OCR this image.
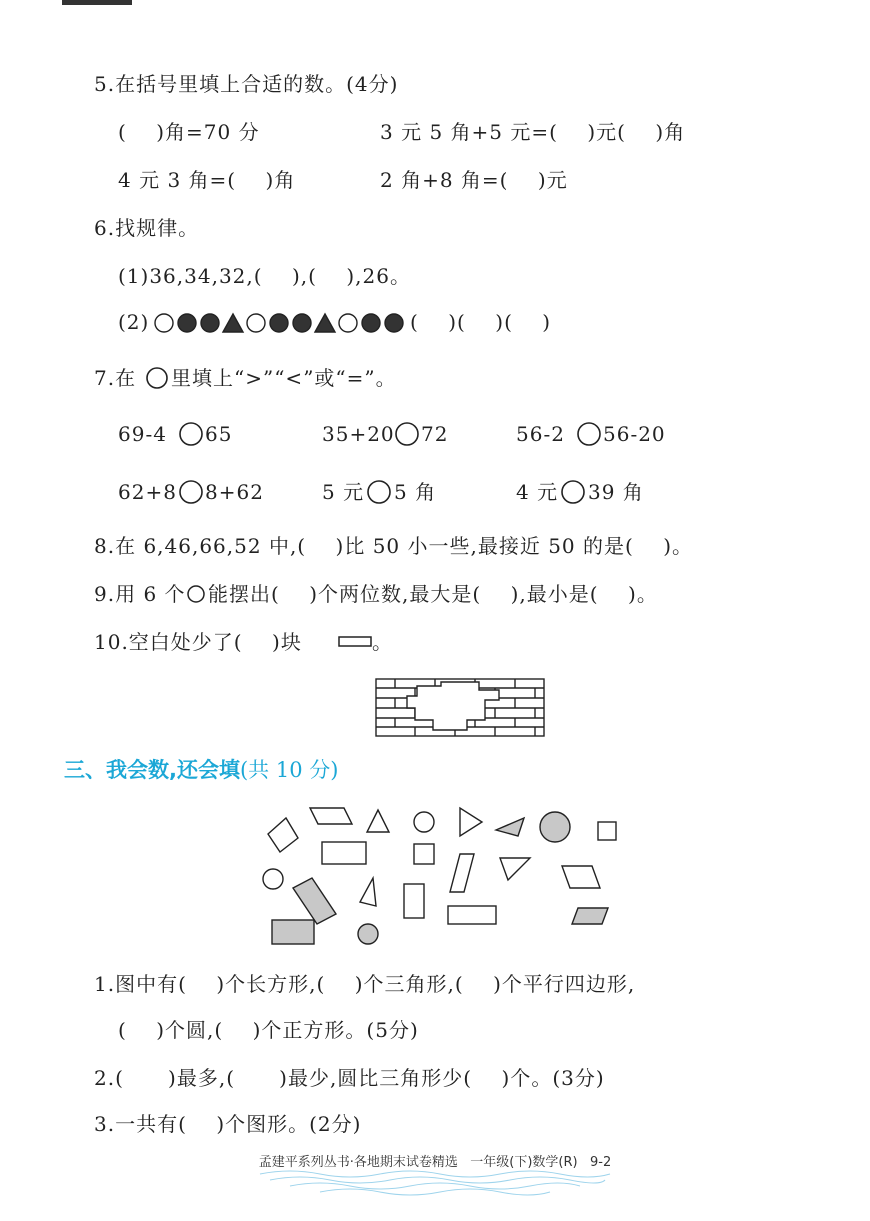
5.在括号里填上合适的数。(4分)
(    )角=70 分	3 元 5 角+5 元=(    )元(    )角
4 元 3 角=(    )角	2 角+8 角=(    )元
6.找规律。
(1)36,34,32,(    ),(    ),26。
(2)	(    )(    )(    )
7.在 里填上“>”“<”或“=”。
69-4 65	35+20 72	56-2 56-20
62+8 8+62	5 元 5 角	4 元 39 角
8.在 6,46,66,52 中,(    )比 50 小一些,最接近 50 的是(    )。
9.用 6 个 能摆出(    )个两位数,最大是(    ),最小是(    )。
10.空白处少了(    )块	。
三、我会数,还会填(共 10 分)
1.图中有(    )个长方形,(    )个三角形,(    )个平行四边形,
(    )个圆,(    )个正方形。(5分)
2.(      )最多,(      )最少,圆比三角形少(    )个。(3分)
3.一共有(    )个图形。(2分)
孟建平系列丛书·各地期末试卷精选   一年级(下)数学(R)   9-2
